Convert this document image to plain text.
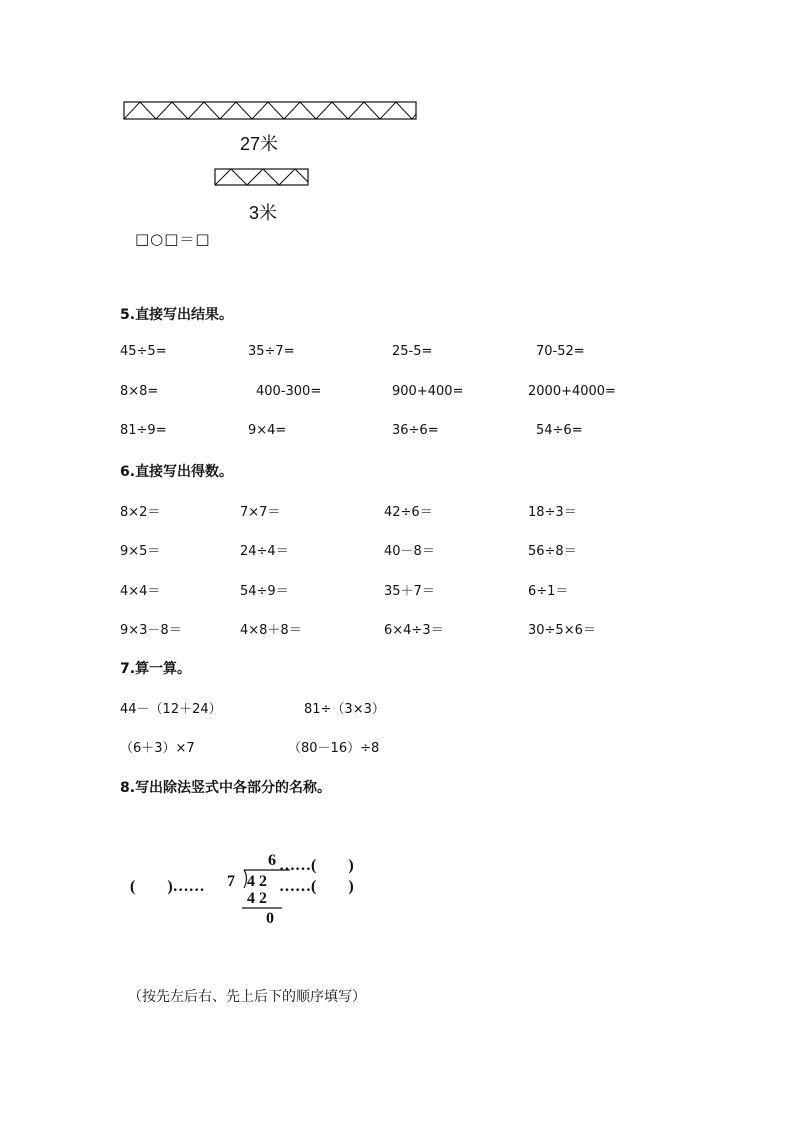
27米
3米
□○□＝□
5.直接写出结果。
45÷5=	35÷7=	25-5=	70-52=
8×8=	400-300=	900+400=	2000+4000=
81÷9=	9×4=	36÷6=	54÷6=
6.直接写出得数。
8×2＝	7×7＝	42÷6＝	18÷3＝
9×5＝	24÷4＝	40－8＝	56÷8＝
4×4＝	54÷9＝	35＋7＝	6÷1＝
9×3－8＝	4×8＋8＝	6×4÷3＝	30÷5×6＝
7.算一算。
44－（12＋24）	81÷（3×3）
（6＋3）×7	（80－16）÷8
8.写出除法竖式中各部分的名称。
(　　)…… 7
6 ……(　　)
4 2 ……(　　)
4 2
0
（按先左后右、先上后下的顺序填写）
